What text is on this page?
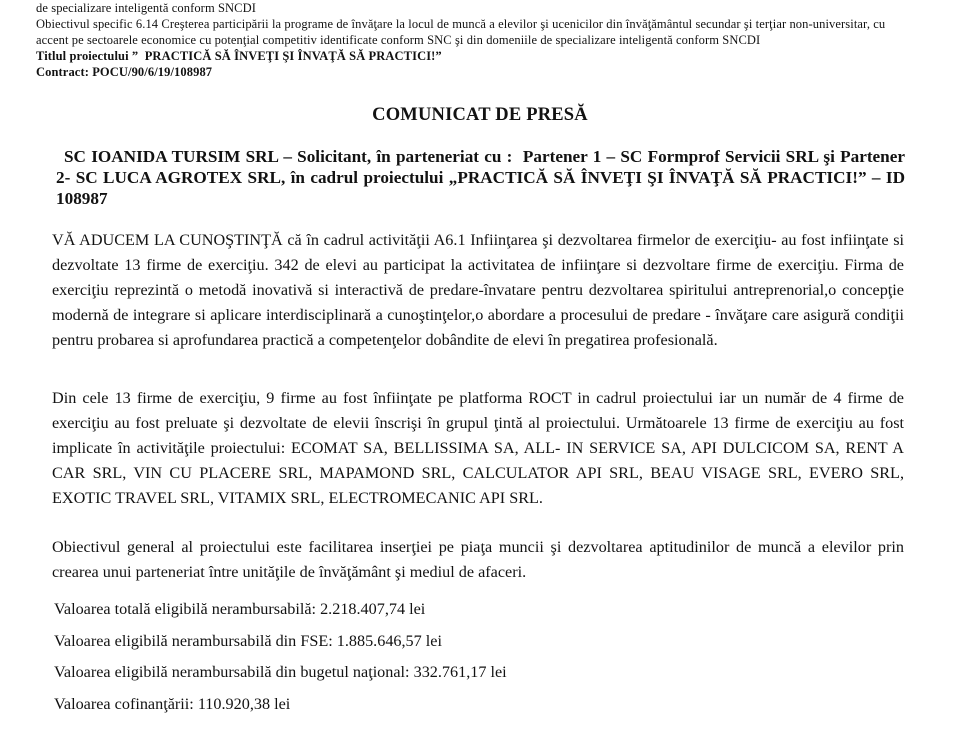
de specializare inteligentă conform SNCDI
Obiectivul specific 6.14 Creşterea participării la programe de învăţare la locul de muncă a elevilor şi ucenicilor din învăţământul secundar şi terţiar non-universitar, cu
accent pe sectoarele economice cu potenţial competitiv identificate conform SNC şi din domeniile de specializare inteligentă conform SNCDI
Titlul proiectului ”  PRACTICĂ SĂ ÎNVEŢI ŞI ÎNVAŢĂ SĂ PRACTICI!”
Contract: POCU/90/6/19/108987
COMUNICAT DE PRESĂ

SC IOANIDA TURSIM SRL – Solicitant, în parteneriat cu :  Partener 1 – SC Formprof Servicii SRL şi Partener 2- SC LUCA AGROTEX SRL, în cadrul proiectului „PRACTICĂ SĂ ÎNVEŢI ŞI ÎNVAŢĂ SĂ PRACTICI!” – ID 108987

VĂ ADUCEM LA CUNOŞTINŢĂ că în cadrul activităţii A6.1 Infiinţarea şi dezvoltarea firmelor de exerciţiu- au fost infiinţate si dezvoltate 13 firme de exerciţiu. 342 de elevi au participat la activitatea de infiinţare si dezvoltare firme de exerciţiu. Firma de exerciţiu reprezintă o metodă inovativă si interactivă de predare-învatare pentru dezvoltarea spiritului antreprenorial,o concepţie modernă de integrare si aplicare interdisciplinară a cunoştinţelor,o abordare a procesului de predare - învăţare care asigură condiţii pentru probarea si aprofundarea practică a competenţelor dobândite de elevi în pregatirea profesională.

Din cele 13 firme de exerciţiu, 9 firme au fost înfiinţate pe platforma ROCT in cadrul proiectului iar un număr de 4 firme de exerciţiu au fost preluate şi dezvoltate de elevii înscrişi în grupul ţintă al proiectului. Următoarele 13 firme de exerciţiu au fost implicate în activităţile proiectului: ECOMAT SA, BELLISSIMA SA, ALL- IN SERVICE SA, API DULCICOM SA, RENT A CAR SRL, VIN CU PLACERE SRL, MAPAMOND SRL, CALCULATOR API SRL, BEAU VISAGE SRL, EVERO SRL, EXOTIC TRAVEL SRL, VITAMIX SRL, ELECTROMECANIC API SRL.

Obiectivul general al proiectului este facilitarea inserţiei pe piaţa muncii şi dezvoltarea aptitudinilor de muncă a elevilor prin crearea unui parteneriat între unităţile de învăţământ şi mediul de afaceri.

Valoarea totală eligibilă nerambursabilă: 2.218.407,74 lei
Valoarea eligibilă nerambursabilă din FSE: 1.885.646,57 lei
Valoarea eligibilă nerambursabilă din bugetul naţional: 332.761,17 lei
Valoarea cofinanţării: 110.920,38 lei
